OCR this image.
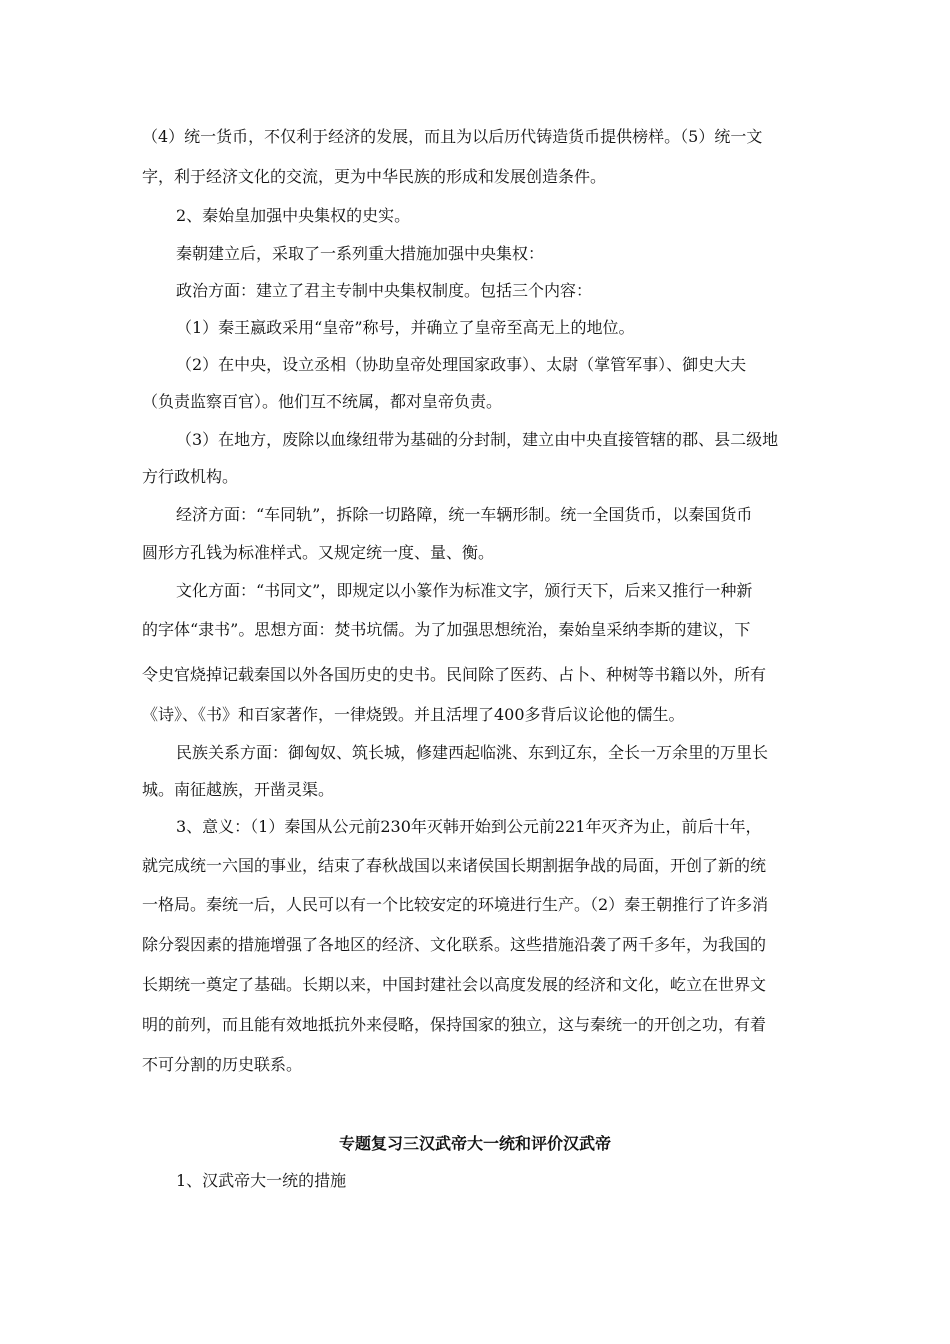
（4）统一货币，不仅利于经济的发展，而且为以后历代铸造货币提供榜样。（5）统一文
字，利于经济文化的交流，更为中华民族的形成和发展创造条件。
2、秦始皇加强中央集权的史实。
秦朝建立后，采取了一系列重大措施加强中央集权：
政治方面：建立了君主专制中央集权制度。包括三个内容：
（1）秦王嬴政采用“皇帝”称号，并确立了皇帝至高无上的地位。
（2）在中央，设立丞相（协助皇帝处理国家政事）、太尉（掌管军事）、御史大夫
（负责监察百官）。他们互不统属，都对皇帝负责。
（3）在地方，废除以血缘纽带为基础的分封制，建立由中央直接管辖的郡、县二级地
方行政机构。
经济方面：“车同轨”，拆除一切路障，统一车辆形制。统一全国货币，以秦国货币
圆形方孔钱为标准样式。又规定统一度、量、衡。
文化方面：“书同文”，即规定以小篆作为标准文字，颁行天下，后来又推行一种新
的字体“隶书”。思想方面：焚书坑儒。为了加强思想统治，秦始皇采纳李斯的建议，下
令史官烧掉记载秦国以外各国历史的史书。民间除了医药、占卜、种树等书籍以外，所有
《诗》、《书》和百家著作，一律烧毁。并且活埋了400多背后议论他的儒生。
民族关系方面：御匈奴、筑长城，修建西起临洮、东到辽东，全长一万余里的万里长
城。南征越族，开凿灵渠。
3、意义：（1）秦国从公元前230年灭韩开始到公元前221年灭齐为止，前后十年，
就完成统一六国的事业，结束了春秋战国以来诸侯国长期割据争战的局面，开创了新的统
一格局。秦统一后，人民可以有一个比较安定的环境进行生产。（2）秦王朝推行了许多消
除分裂因素的措施增强了各地区的经济、文化联系。这些措施沿袭了两千多年，为我国的
长期统一奠定了基础。长期以来，中国封建社会以高度发展的经济和文化，屹立在世界文
明的前列，而且能有效地抵抗外来侵略，保持国家的独立，这与秦统一的开创之功，有着
不可分割的历史联系。
专题复习三汉武帝大一统和评价汉武帝
1、汉武帝大一统的措施
